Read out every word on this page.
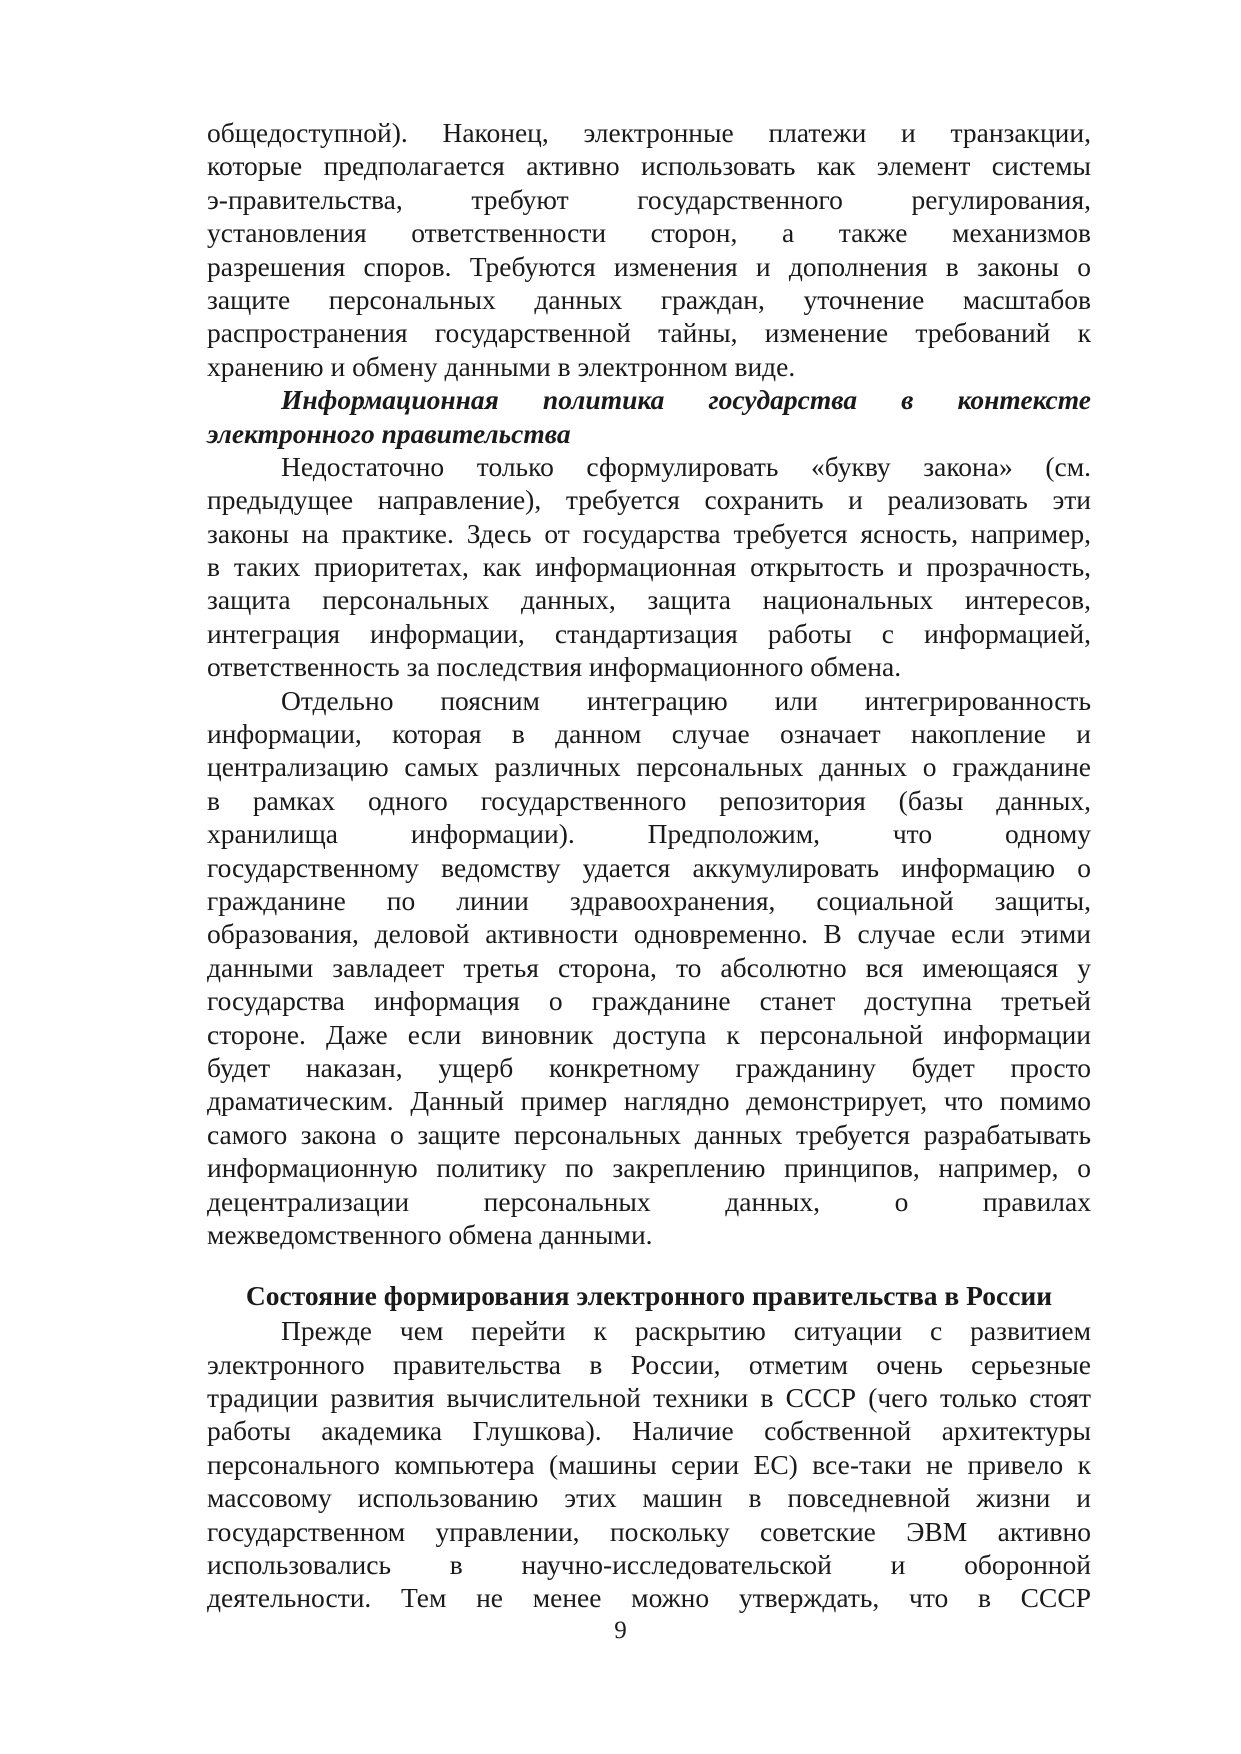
общедоступной). Наконец, электронные платежи и транзакции,
которые предполагается активно использовать как элемент системы
э-правительства, требуют государственного регулирования,
установления ответственности сторон, а также механизмов
разрешения споров. Требуются изменения и дополнения в законы о
защите персональных данных граждан, уточнение масштабов
распространения государственной тайны, изменение требований к
хранению и обмену данными в электронном виде.
Информационная политика государства в контексте
электронного правительства
Недостаточно только сформулировать «букву закона» (см.
предыдущее направление), требуется сохранить и реализовать эти
законы на практике. Здесь от государства требуется ясность, например,
в таких приоритетах, как информационная открытость и прозрачность,
защита персональных данных, защита национальных интересов,
интеграция информации, стандартизация работы с информацией,
ответственность за последствия информационного обмена.
Отдельно поясним интеграцию или интегрированность
информации, которая в данном случае означает накопление и
централизацию самых различных персональных данных о гражданине
в рамках одного государственного репозитория (базы данных,
хранилища информации). Предположим, что одному
государственному ведомству удается аккумулировать информацию о
гражданине по линии здравоохранения, социальной защиты,
образования, деловой активности одновременно. В случае если этими
данными завладеет третья сторона, то абсолютно вся имеющаяся у
государства информация о гражданине станет доступна третьей
стороне. Даже если виновник доступа к персональной информации
будет наказан, ущерб конкретному гражданину будет просто
драматическим. Данный пример наглядно демонстрирует, что помимо
самого закона о защите персональных данных требуется разрабатывать
информационную политику по закреплению принципов, например, о
децентрализации персональных данных, о правилах
межведомственного обмена данными.
Состояние формирования электронного правительства в России
Прежде чем перейти к раскрытию ситуации с развитием
электронного правительства в России, отметим очень серьезные
традиции развития вычислительной техники в СССР (чего только стоят
работы академика Глушкова). Наличие собственной архитектуры
персонального компьютера (машины серии ЕС) все-таки не привело к
массовому использованию этих машин в повседневной жизни и
государственном управлении, поскольку советские ЭВМ активно
использовались в научно-исследовательской и оборонной
деятельности. Тем не менее можно утверждать, что в СССР
9
